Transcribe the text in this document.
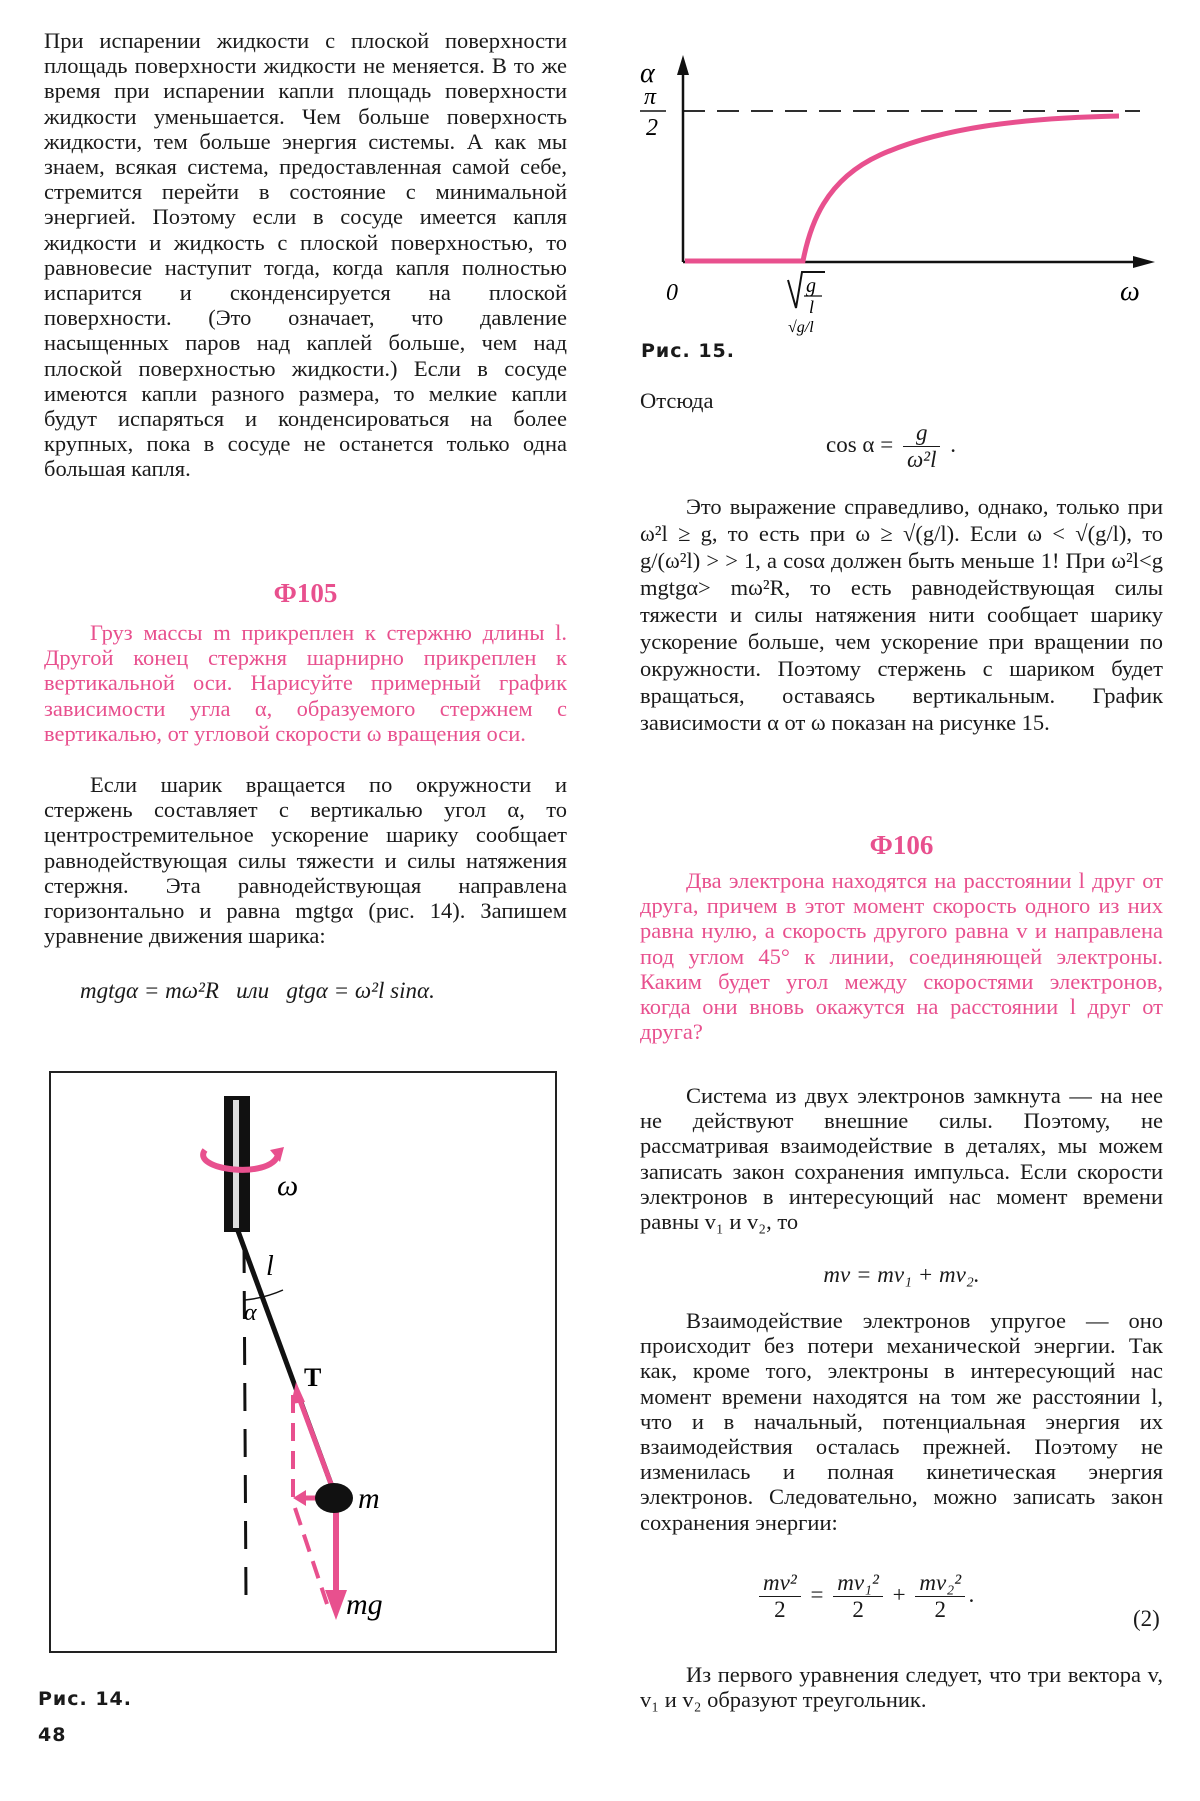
При испарении жидкости с плоской поверхности площадь поверхности жидкости не меняется. В то же время при испарении капли площадь поверхности жидкости уменьшается. Чем больше поверхность жидкости, тем больше энергия системы. А как мы знаем, всякая система, предоставленная самой себе, стремится перейти в состояние с минимальной энергией. Поэтому если в сосуде имеется капля жидкости и жидкость с плоской поверхностью, то равновесие наступит тогда, когда капля полностью испарится и сконденсируется на плоской поверхности. (Это означает, что давление насыщенных паров над каплей больше, чем над плоской поверхностью жидкости.) Если в сосуде имеются капли разного размера, то мелкие капли будут испаряться и конденсироваться на более крупных, пока в сосуде не останется только одна большая капля.

Ф105

Груз массы m прикреплен к стержню длины l. Другой конец стержня шарнирно прикреплен к вертикальной оси. Нарисуйте примерный график зависимости угла α, образуемого стержнем с вертикалью, от угловой скорости ω вращения оси.

Если шарик вращается по окружности и стержень составляет с вертикалью угол α, то центростремительное ускорение шарику сообщает равнодействующая силы тяжести и силы натяжения стержня. Эта равнодействующая направлена горизонтально и равна mgtgα (рис. 14). Запишем уравнение движения шарика:

mgtgα = mω²R   или   gtgα = ω²l sinα.
ω
l
α
T
m
mg
Рис. 14.
48
α
π
2
0	g
l
√g/l
ω
Рис. 15.
Отсюда
$\cos \alpha = \frac{g}{\text{ω²l}}$ .

Это выражение справедливо, однако, только при ω²l ≥ g, то есть при ω ≥ √(g/l). Если ω < √(g/l), то g/(ω²l) > > 1, а cosα должен быть меньше 1! При ω²l<g mgtgα> mω²R, то есть равнодействующая силы тяжести и силы натяжения нити сообщает шарику ускорение больше, чем ускорение при вращении по окружности. Поэтому стержень с шариком будет вращаться, оставаясь вертикальным. График зависимости α от ω показан на рисунке 15.

Ф106

Два электрона находятся на расстоянии l друг от друга, причем в этот момент скорость одного из них равна нулю, а скорость другого равна v и направлена под углом 45° к линии, соединяющей электроны. Каким будет угол между скоростями электронов, когда они вновь окажутся на расстоянии l друг от друга?

Система из двух электронов замкнута — на нее не действуют внешние силы. Поэтому, не рассматривая взаимодействие в деталях, мы можем записать закон сохранения импульса. Если скорости электронов в интересующий нас момент времени равны v₁ и v₂, то

mv = mv₁ + mv₂.

Взаимодействие электронов упругое — оно происходит без потери механической энергии. Так как, кроме того, электроны в интересующий нас момент времени находятся на том же расстоянии l, что и в начальный, потенциальная энергия их взаимодействия осталась прежней. Поэтому не изменилась и полная кинетическая энергия электронов. Следовательно, можно записать закон сохранения энергии:

$\frac{\text{mv²}}{2} = \frac{\text{mv₁²}}{2} + \frac{\text{mv₂²}}{2}$ .
(2)

Из первого уравнения следует, что три вектора v, v₁ и v₂ образуют треугольник.
